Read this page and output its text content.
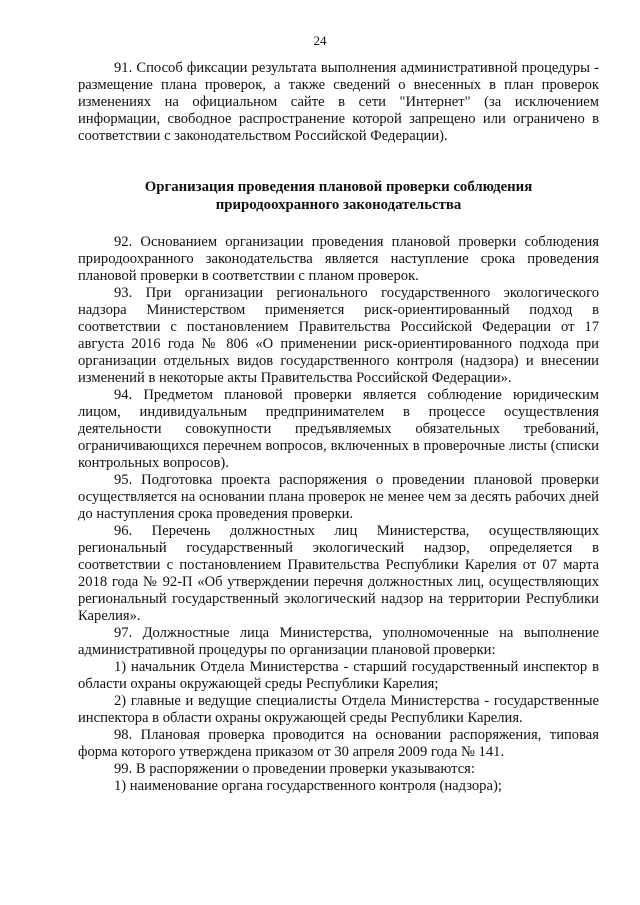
24

91. Способ фиксации результата выполнения административной процедуры - размещение плана проверок, а также сведений о внесенных в план проверок изменениях на официальном сайте в сети "Интернет" (за исключением информации, свободное распространение которой запрещено или ограничено в соответствии с законодательством Российской Федерации).

Организация проведения плановой проверки соблюдения

природоохранного законодательства

92. Основанием организации проведения плановой проверки соблюдения природоохранного законодательства является наступление срока проведения плановой проверки в соответствии с планом проверок.

93. При организации регионального государственного экологического надзора Министерством применяется риск-ориентированный подход в соответствии с постановлением Правительства Российской Федерации от 17 августа 2016 года № 806 «О применении риск-ориентированного подхода при организации отдельных видов государственного контроля (надзора) и внесении изменений в некоторые акты Правительства Российской Федерации».

94. Предметом плановой проверки является соблюдение юридическим лицом, индивидуальным предпринимателем в процессе осуществления деятельности совокупности предъявляемых обязательных требований, ограничивающихся перечнем вопросов, включенных в проверочные листы (списки контрольных вопросов).

95. Подготовка проекта распоряжения о проведении плановой проверки осуществляется на основании плана проверок не менее чем за десять рабочих дней до наступления срока проведения проверки.

96. Перечень должностных лиц Министерства, осуществляющих региональный государственный экологический надзор, определяется в соответствии с постановлением Правительства Республики Карелия от 07 марта 2018 года № 92-П «Об утверждении перечня должностных лиц, осуществляющих региональный государственный экологический надзор на территории Республики Карелия».

97. Должностные лица Министерства, уполномоченные на выполнение административной процедуры по организации плановой проверки:

1) начальник Отдела Министерства - старший государственный инспектор в области охраны окружающей среды Республики Карелия;

2) главные и ведущие специалисты Отдела Министерства - государственные инспектора в области охраны окружающей среды Республики Карелия.

98. Плановая проверка проводится на основании распоряжения, типовая форма которого утверждена приказом от 30 апреля 2009 года № 141.

99. В распоряжении о проведении проверки указываются:

1) наименование органа государственного контроля (надзора);
